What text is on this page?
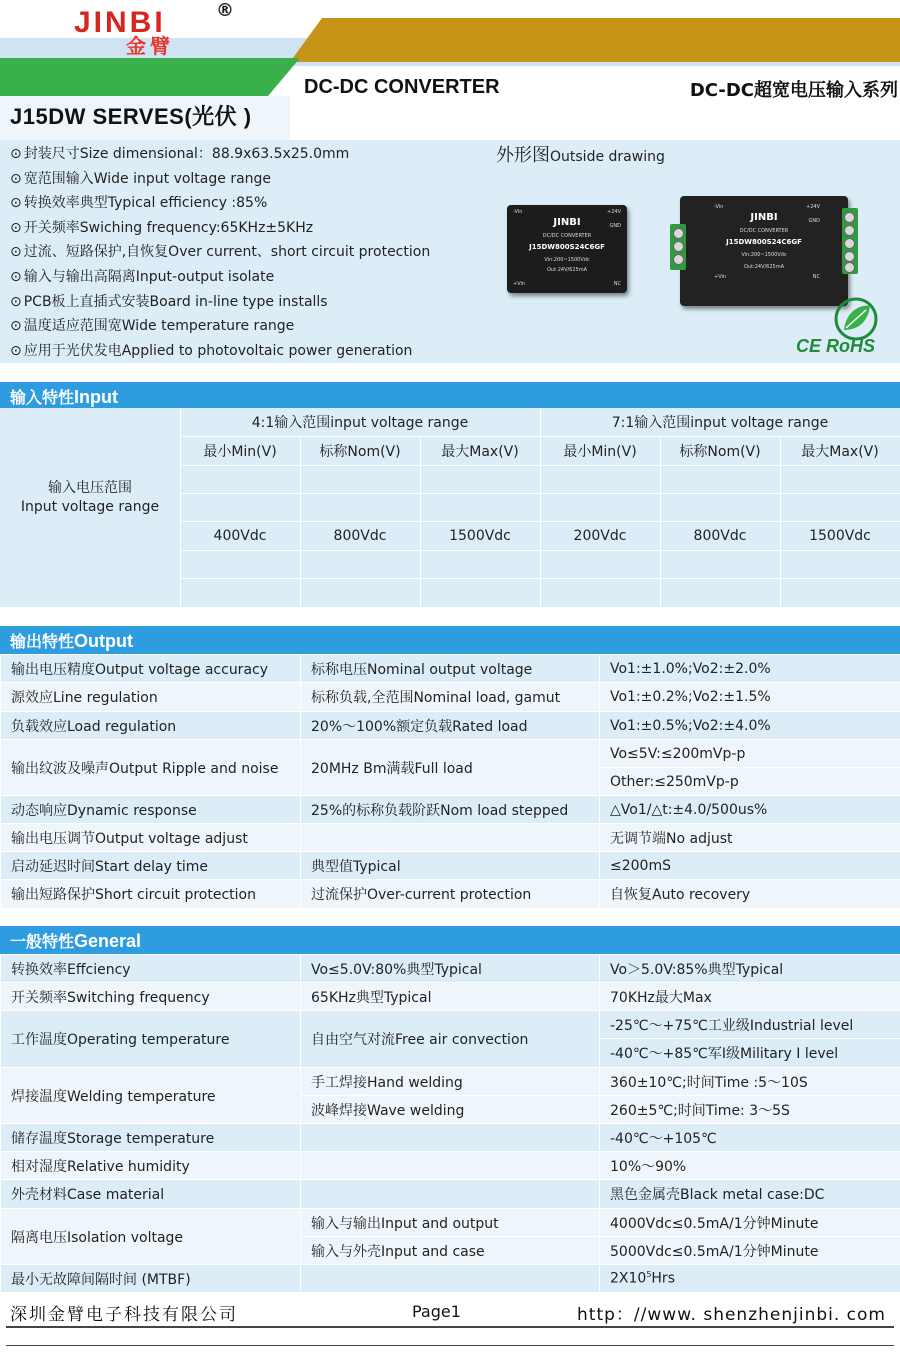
JINBI	®
金臂
DC-DC CONVERTER	DC-DC超宽电压输入系列
J15DW SERVES(光伏 )
⊙ 封装尺寸Size dimensional：88.9x63.5x25.0mm
⊙ 宽范围输入Wide input voltage range
⊙ 转换效率典型Typical efficiency :85%
⊙ 开关频率Swiching frequency:65KHz±5KHz
⊙ 过流、短路保护,自恢复Over current、short circuit protection
⊙ 输入与输出高隔离Input-output isolate
⊙ PCB板上直插式安装Board in-line type installs
⊙ 温度适应范围宽Wide temperature range
⊙ 应用于光伏发电Applied to photovoltaic power generation
外形图Outside drawing
-Vin	+24V
GND
JINBI
DC/DC CONVERTER
J15DW800S24C6GF
Vin:200~1500Vdc
Out:24V/625mA
+Vin	NC
-Vin	+24V
GND
JINBI
DC/DC CONVERTER
J15DW800S24C6GF
Vin:200~1500Vdc
Out:24V/625mA
+Vin	NC
CE RoHS
输入特性Input
4:1输入范围input voltage range	7:1输入范围input voltage range
最小Min(V)	标称Nom(V)	最大Max(V)	最小Min(V)	标称Nom(V)	最大Max(V)
输入电压范围
Input voltage range
400Vdc	800Vdc	1500Vdc	200Vdc	800Vdc	1500Vdc
输出特性Output
输出电压精度Output voltage accuracy	标称电压Nominal output voltage	Vo1:±1.0%;Vo2:±2.0%
源效应Line regulation	标称负载,全范围Nominal load, gamut	Vo1:±0.2%;Vo2:±1.5%
负载效应Load regulation	20%～100%额定负载Rated load	Vo1:±0.5%;Vo2:±4.0%
输出纹波及噪声Output Ripple and noise	20MHz Bm满载Full load	Vo≤5V:≤200mVp-p
		Other:≤250mVp-p
动态响应Dynamic response	25%的标称负载阶跃Nom load stepped	△Vo1/△t:±4.0/500us%
输出电压调节Output voltage adjust		无调节端No adjust
启动延迟时间Start delay time	典型值Typical	≤200mS
输出短路保护Short circuit protection	过流保护Over-current protection	自恢复Auto recovery
一般特性General
转换效率Effciency	Vo≤5.0V:80%典型Typical	Vo＞5.0V:85%典型Typical
开关频率Switching frequency	65KHz典型Typical	70KHz最大Max
工作温度Operating temperature	自由空气对流Free air convection	-25℃～+75℃工业级Industrial level
		-40℃～+85℃军Ⅰ级Military I level
焊接温度Welding temperature	手工焊接Hand welding	360±10℃;时间Time :5～10S
	波峰焊接Wave welding	260±5℃;时间Time: 3～5S
储存温度Storage temperature		-40℃～+105℃
相对湿度Relative humidity		10%～90%
外壳材料Case material		黑色金属壳Black metal case:DC
隔离电压Isolation voltage	输入与输出Input and output	4000Vdc≤0.5mA/1分钟Minute
	输入与外壳Input and case	5000Vdc≤0.5mA/1分钟Minute
最小无故障间隔时间 (MTBF)		$2X10^5Hrs$
深圳金臂电子科技有限公司	Page1	http：//www. shenzhenjinbi. com
